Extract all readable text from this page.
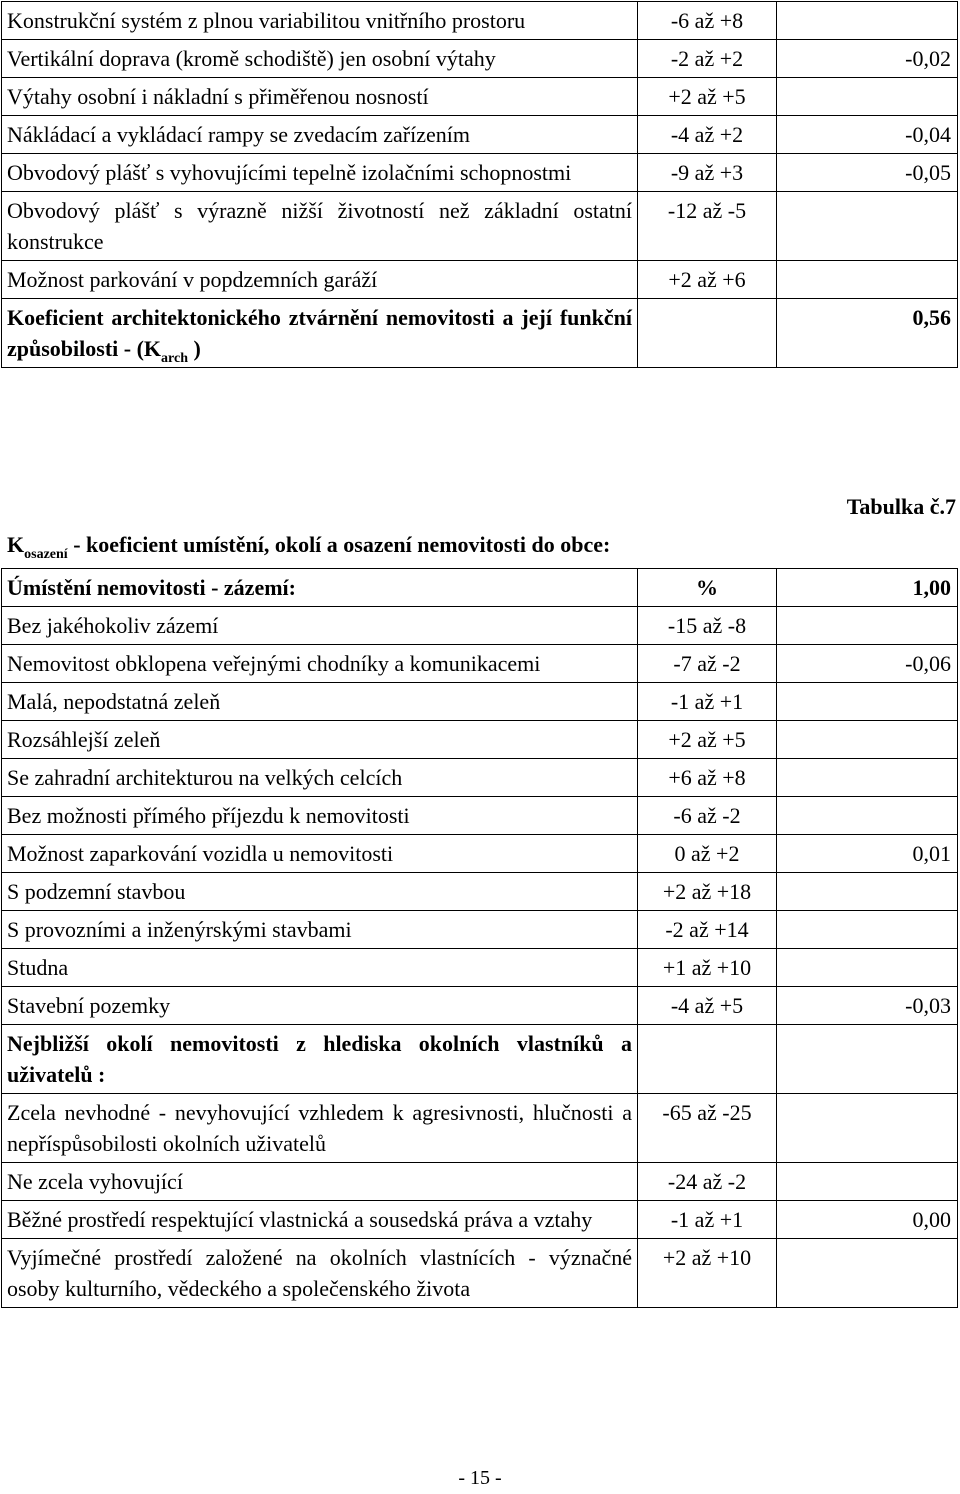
Konstrukční systém z plnou variabilitou vnitřního prostoru	-6 až +8	
Vertikální doprava (kromě schodiště) jen osobní výtahy	-2 až +2	-0,02
Výtahy osobní i nákladní s přiměřenou nosností	+2 až +5	
Nákládací a vykládací rampy se zvedacím zařízením	-4 až +2	-0,04
Obvodový plášť s vyhovujícími tepelně izolačními schopnostmi	-9 až +3	-0,05
Obvodový plášť s výrazně nižší životností než základní ostatní konstrukce	-12 až -5	
Možnost parkování v popdzemních garáží	+2 až +6	
Koeficient architektonického ztvárnění nemovitosti a její funkční způsobilosti - ($K_{arch}$ )		0,56
Tabulka č.7
$K_{osazení}$ - koeficient umístění, okolí a osazení nemovitosti do obce:
Úmístění nemovitosti - zázemí:	%	1,00
Bez jakéhokoliv zázemí	-15 až -8	
Nemovitost obklopena veřejnými chodníky a komunikacemi	-7 až -2	-0,06
Malá, nepodstatná zeleň	-1 až +1	
Rozsáhlejší zeleň	+2 až +5	
Se zahradní architekturou na velkých celcích	+6 až +8	
Bez možnosti přímého příjezdu k nemovitosti	-6 až -2	
Možnost zaparkování vozidla u nemovitosti	0 až +2	0,01
S podzemní stavbou	+2 až +18	
S provozními a inženýrskými stavbami	-2 až +14	
Studna	+1 až +10	
Stavební pozemky	-4 až +5	-0,03
Nejbližší okolí nemovitosti z hlediska okolních vlastníků a uživatelů :		
Zcela nevhodné - nevyhovující vzhledem k agresivnosti, hlučnosti a nepříspůsobilosti okolních uživatelů	-65 až -25	
Ne zcela vyhovující	-24 až -2	
Běžné prostředí respektující vlastnická a sousedská práva a vztahy	-1 až +1	0,00
Vyjímečné prostředí založené na okolních vlastnících - význačné osoby kulturního, vědeckého a společenského života	+2 až +10	
- 15 -
